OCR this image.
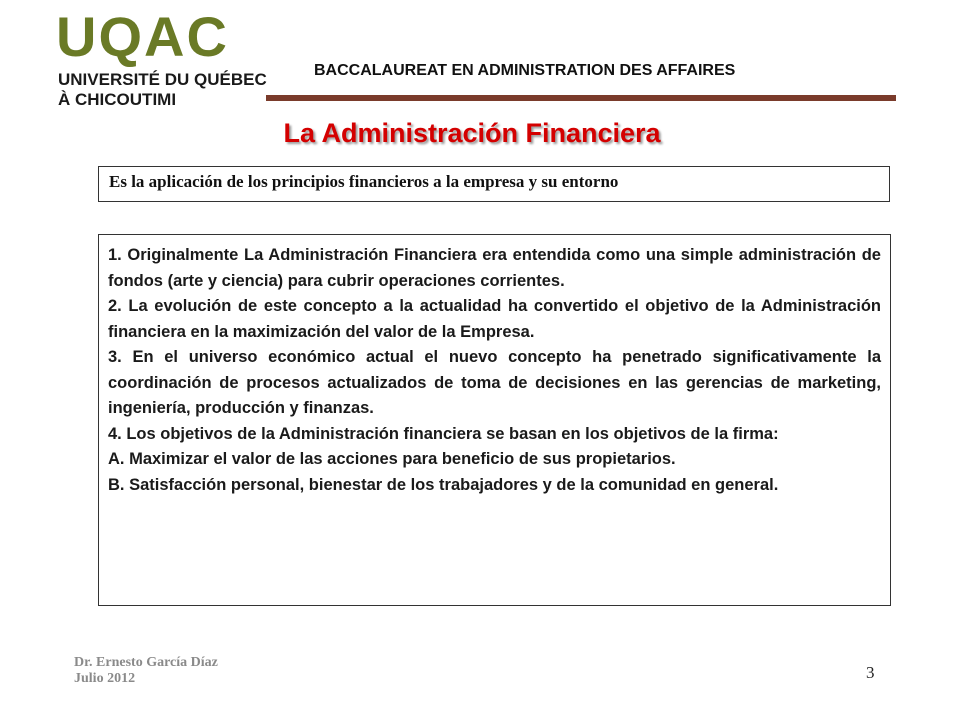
UQAC
UNIVERSITÉ DU QUÉBEC
À CHICOUTIMI
BACCALAUREAT EN ADMINISTRATION DES AFFAIRES
La Administración Financiera
Es la aplicación de los principios financieros a la empresa y su entorno

1. Originalmente La Administración Financiera era entendida como una simple administración de fondos (arte y ciencia) para cubrir operaciones corrientes.

2. La evolución de este concepto a la actualidad ha convertido el objetivo de la Administración financiera en la maximización del valor de la Empresa.

3. En el universo económico actual el nuevo concepto ha penetrado significativamente la coordinación de procesos actualizados de toma de decisiones en las gerencias de marketing, ingeniería, producción y finanzas.

4. Los objetivos de la Administración financiera se basan en los objetivos de la firma:

A. Maximizar el valor de las acciones para beneficio de sus propietarios.

B. Satisfacción personal, bienestar de los trabajadores y de la comunidad en general.

Dr. Ernesto García Díaz
Julio 2012	3
